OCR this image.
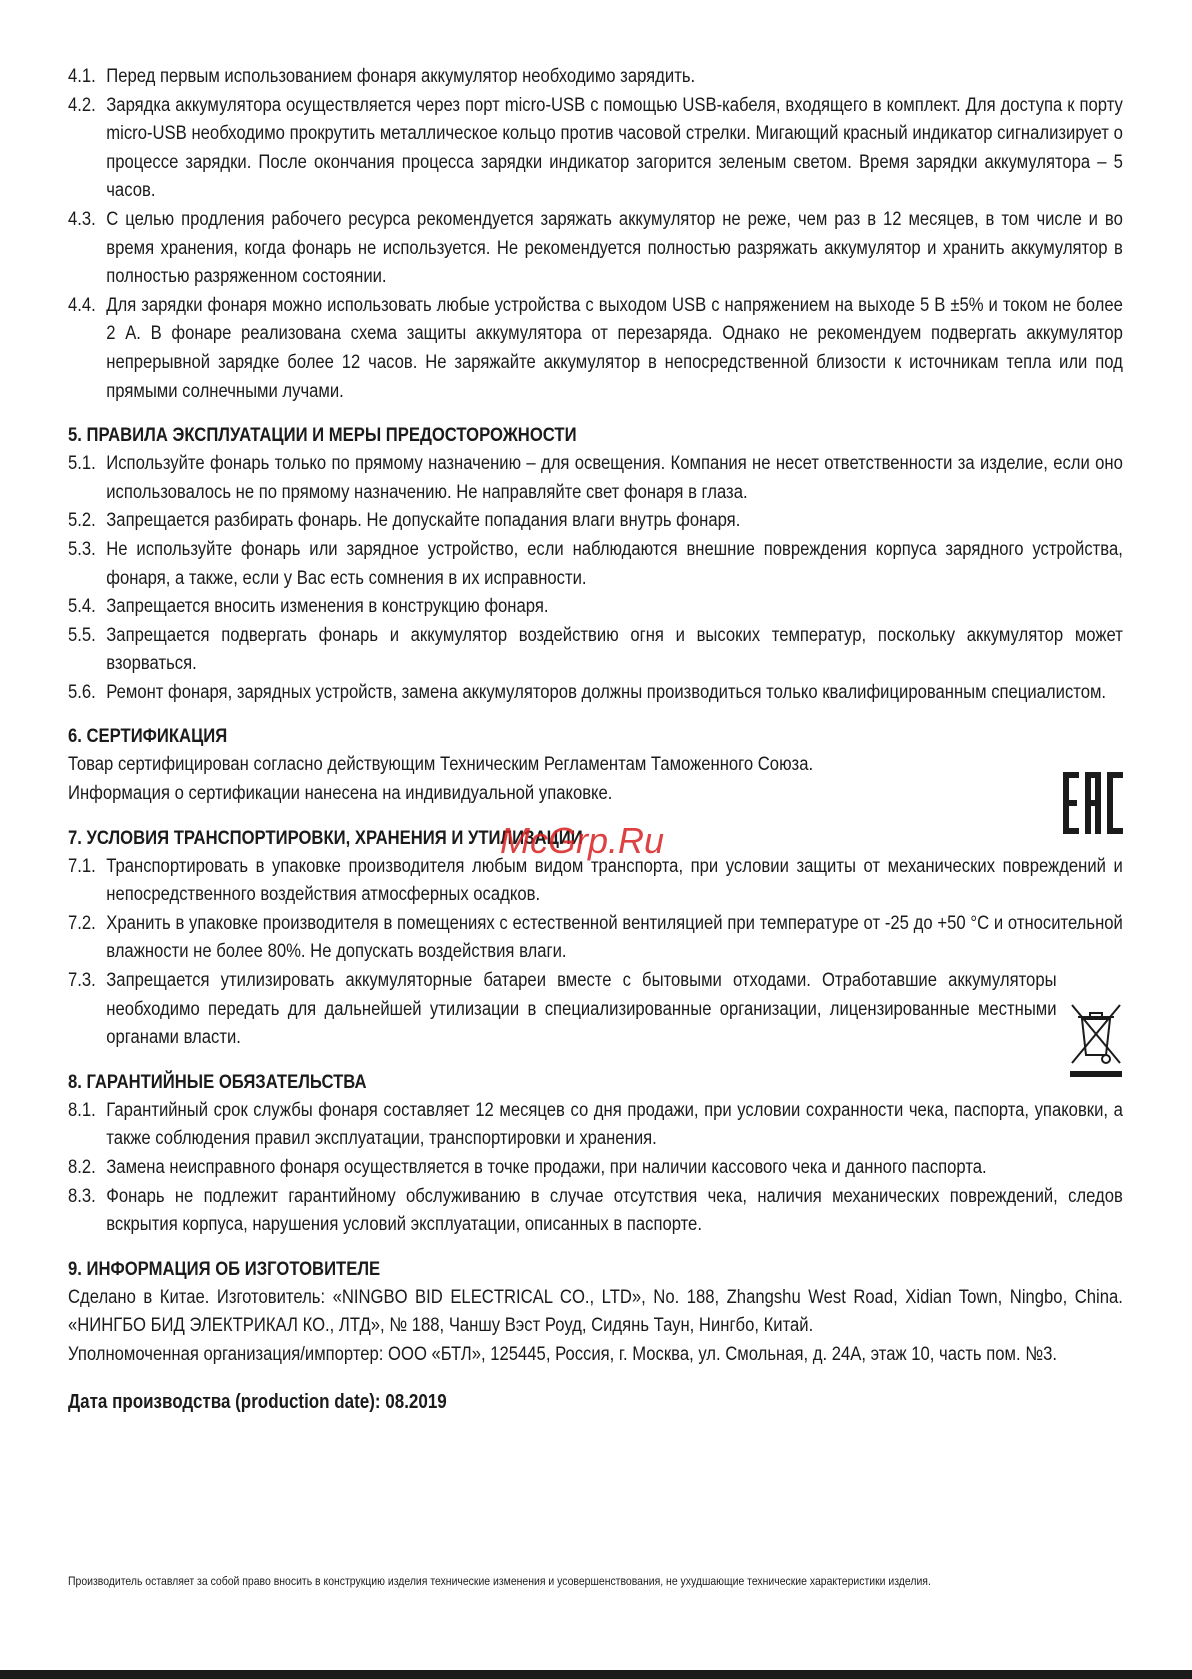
4.1. Перед первым использованием фонаря аккумулятор необходимо зарядить.
4.2. Зарядка аккумулятора осуществляется через порт micro-USB с помощью USB-кабеля, входящего в комплект. Для доступа к порту micro-USB необходимо прокрутить металлическое кольцо против часовой стрелки. Мигающий красный индикатор сигнализирует о процессе зарядки. После окончания процесса зарядки индикатор загорится зеленым светом. Время зарядки аккумулятора – 5 часов.
4.3. С целью продления рабочего ресурса рекомендуется заряжать аккумулятор не реже, чем раз в 12 месяцев, в том числе и во время хранения, когда фонарь не используется. Не рекомендуется полностью разряжать аккумулятор и хранить аккумулятор в полностью разряженном состоянии.
4.4. Для зарядки фонаря можно использовать любые устройства с выходом USB с напряжением на выходе 5 В ±5% и током не более 2 А. В фонаре реализована схема защиты аккумулятора от перезаряда. Однако не рекомендуем подвергать аккумулятор непрерывной зарядке более 12 часов. Не заряжайте аккумулятор в непосредственной близости к источникам тепла или под прямыми солнечными лучами.
5. ПРАВИЛА ЭКСПЛУАТАЦИИ И МЕРЫ ПРЕДОСТОРОЖНОСТИ
5.1. Используйте фонарь только по прямому назначению – для освещения. Компания не несет ответственности за изделие, если оно использовалось не по прямому назначению. Не направляйте свет фонаря в глаза.
5.2. Запрещается разбирать фонарь. Не допускайте попадания влаги внутрь фонаря.
5.3. Не используйте фонарь или зарядное устройство, если наблюдаются внешние повреждения корпуса зарядного устройства, фонаря, а также, если у Вас есть сомнения в их исправности.
5.4. Запрещается вносить изменения в конструкцию фонаря.
5.5. Запрещается подвергать фонарь и аккумулятор воздействию огня и высоких температур, поскольку аккумулятор может взорваться.
5.6. Ремонт фонаря, зарядных устройств, замена аккумуляторов должны производиться только квалифицированным специалистом.
6. СЕРТИФИКАЦИЯ
Товар сертифицирован согласно действующим Техническим Регламентам Таможенного Союза.
Информация о сертификации нанесена на индивидуальной упаковке.
7. УСЛОВИЯ ТРАНСПОРТИРОВКИ, ХРАНЕНИЯ И УТИЛИЗАЦИИ
7.1. Транспортировать в упаковке производителя любым видом транспорта, при условии защиты от механических повреждений и непосредственного воздействия атмосферных осадков.
7.2. Хранить в упаковке производителя в помещениях с естественной вентиляцией при температуре от -25 до +50 °С и относительной влажности не более 80%. Не допускать воздействия влаги.
7.3. Запрещается утилизировать аккумуляторные батареи вместе с бытовыми отходами. Отработавшие аккумуляторы необходимо передать для дальнейшей утилизации в специализированные организации, лицензированные местными органами власти.
8. ГАРАНТИЙНЫЕ ОБЯЗАТЕЛЬСТВА
8.1. Гарантийный срок службы фонаря составляет 12 месяцев со дня продажи, при условии сохранности чека, паспорта, упаковки, а также соблюдения правил эксплуатации, транспортировки и хранения.
8.2. Замена неисправного фонаря осуществляется в точке продажи, при наличии кассового чека и данного паспорта.
8.3. Фонарь не подлежит гарантийному обслуживанию в случае отсутствия чека, наличия механических повреждений, следов вскрытия корпуса, нарушения условий эксплуатации, описанных в паспорте.
9. ИНФОРМАЦИЯ ОБ ИЗГОТОВИТЕЛЕ
Сделано в Китае. Изготовитель: «NINGBO BID ELECTRICAL CO., LTD», No. 188, Zhangshu West Road, Xidian Town, Ningbo, China. «НИНГБО БИД ЭЛЕКТРИКАЛ КО., ЛТД», № 188, Чаншу Вэст Роуд, Сидянь Таун, Нингбо, Китай.
Уполномоченная организация/импортер: ООО «БТЛ», 125445, Россия, г. Москва, ул. Смольная, д. 24А, этаж 10, часть пом. №3.
Дата производства (production date): 08.2019
McGrp.Ru
Производитель оставляет за собой право вносить в конструкцию изделия технические изменения и усовершенствования, не ухудшающие технические характеристики изделия.
